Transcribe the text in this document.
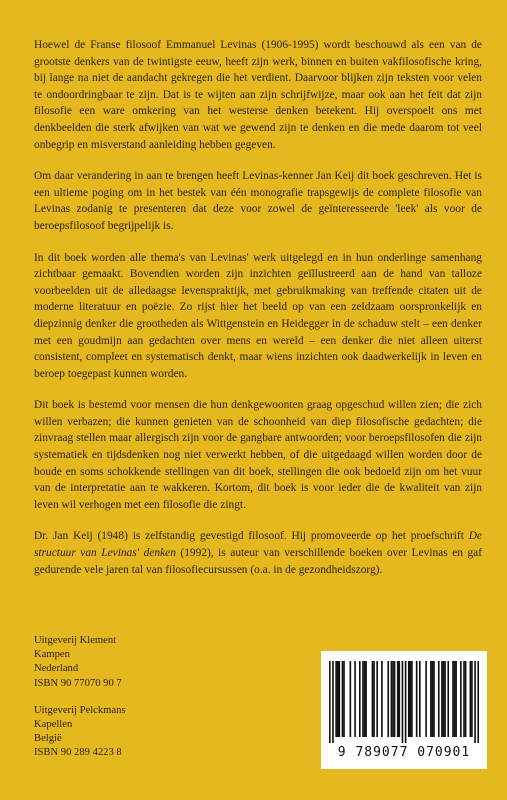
Hoewel de Franse filosoof Emmanuel Levinas (1906-1995) wordt beschouwd als een van de grootste denkers van de twintigste eeuw, heeft zijn werk, binnen en buiten vakfilosofische kring, bij lange na niet de aandacht gekregen die het verdient. Daarvoor blijken zijn teksten voor velen te ondoordringbaar te zijn. Dat is te wijten aan zijn schrijfwijze, maar ook aan het feit dat zijn filosofie een ware omkering van het westerse denken betekent. Hij overspoelt ons met denkbeelden die sterk afwijken van wat we gewend zijn te denken en die mede daarom tot veel onbegrip en misverstand aanleiding hebben gegeven.

Om daar verandering in aan te brengen heeft Levinas-kenner Jan Keij dit boek geschreven. Het is een ultieme poging om in het bestek van één monografie trapsgewijs de complete filosofie van Levinas zodanig te presenteren dat deze voor zowel de geïnteresseerde 'leek' als voor de beroepsfilosoof begrijpelijk is.

In dit boek worden alle thema's van Levinas' werk uitgelegd en in hun onderlinge samenhang zichtbaar gemaakt. Bovendien worden zijn inzichten geïllustreerd aan de hand van talloze voorbeelden uit de alledaagse levenspraktijk, met gebruikmaking van treffende citaten uit de moderne literatuur en poëzie. Zo rijst hier het beeld op van een zeldzaam oorspronkelijk en diepzinnig denker die grootheden als Wittgenstein en Heidegger in de schaduw stelt – een denker met een goudmijn aan gedachten over mens en wereld – een denker die niet alleen uiterst consistent, compleet en systematisch denkt, maar wiens inzichten ook daadwerkelijk in leven en beroep toegepast kunnen worden.

Dit boek is bestemd voor mensen die hun denkgewoonten graag opgeschud willen zien; die zich willen verbazen; die kunnen genieten van de schoonheid van diep filosofische gedachten; die zinvraag stellen maar allergisch zijn voor de gangbare antwoorden; voor beroepsfilosofen die zijn systematiek en tijdsdenken nog niet verwerkt hebben, of die uitgedaagd willen worden door de boude en soms schokkende stellingen van dit boek, stellingen die ook bedoeld zijn om het vuur van de interpretatie aan te wakkeren. Kortom, dit boek is voor ieder die de kwaliteit van zijn leven wil verhogen met een filosofie die zingt.

Dr. Jan Keij (1948) is zelfstandig gevestigd filosoof. Hij promoveerde op het proefschrift De structuur van Levinas' denken (1992), is auteur van verschillende boeken over Levinas en gaf gedurende vele jaren tal van filosofiecursussen (o.a. in de gezondheidszorg).

Uitgeverij Klement
Kampen
Nederland
ISBN 90 77070 90 7
Uitgeverij Pelckmans
Kapellen
België
ISBN 90 289 4223 8	9 789077 070901
